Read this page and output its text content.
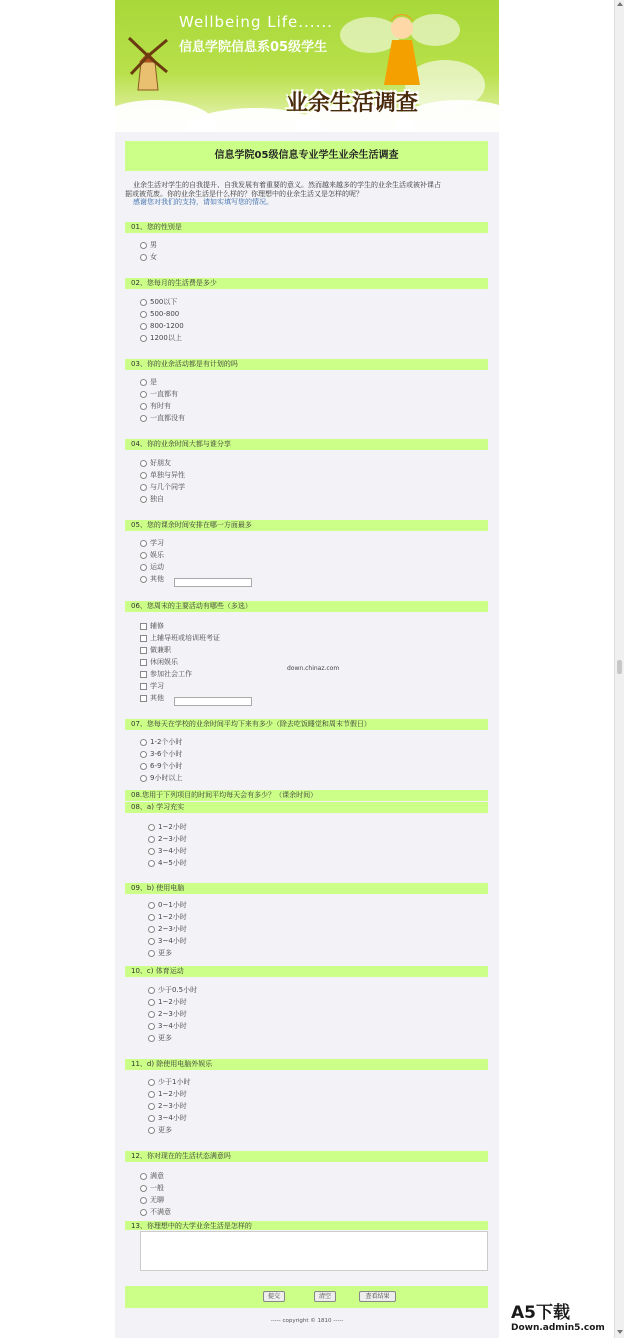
Wellbeing Life......
信息学院信息系05级学生
业余生活调查
信息学院05级信息专业学生业余生活调查
业余生活对学生的自我提升、自我发展有着重要的意义。然而越来越多的学生的业余生活或被补课占
据或被荒废。你的业余生活是什么样的？你理想中的业余生活又是怎样的呢？
感谢您对我们的支持，请如实填写您的情况。
01、您的性别是
男
女
02、您每月的生活费是多少
500以下
500-800
800-1200
1200以上
03、你的业余活动都是有计划的吗
是
一直都有
有时有
一直都没有
04、你的业余时间大都与谁分享
好朋友
单独与异性
与几个同学
独自
05、您的课余时间安排在哪一方面最多
学习
娱乐
运动
其他
06、您周末的主要活动有哪些（多选）
辅修
上辅导班或培训班考证
做兼职
休闲娱乐
参加社会工作
学习
其他
07、您每天在学校的业余时间平均下来有多少（除去吃饭睡觉和周末节假日）
1-2个小时
3-6个小时
6-9个小时
9小时以上
08、a) 学习充实
1~2小时
2~3小时
3~4小时
4~5小时
09、b) 使用电脑
0~1小时
1~2小时
2~3小时
3~4小时
更多
10、c) 体育运动
少于0.5小时
1~2小时
2~3小时
3~4小时
更多
11、d) 除使用电脑外娱乐
少于1小时
1~2小时
2~3小时
3~4小时
更多
12、你对现在的生活状态满意吗
满意
一般
无聊
不满意
08.您用于下列项目的时间平均每天会有多少？（课余时间）
13、你理想中的大学业余生活是怎样的
down.chinaz.com
提交	清空	查看结果
----- copyright © 1810 -----	A5下载
Down.admin5.com
